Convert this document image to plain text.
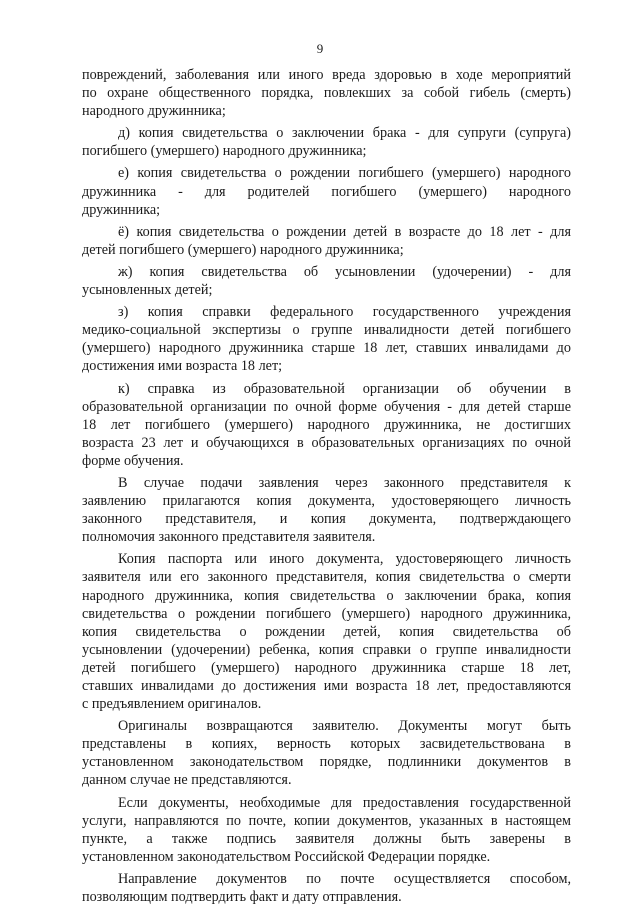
9
повреждений, заболевания или иного вреда здоровью в ходе мероприятий
по охране общественного порядка, повлекших за собой гибель (смерть)
народного дружинника;
д) копия свидетельства о заключении брака - для супруги (супруга)
погибшего (умершего) народного дружинника;
е) копия свидетельства о рождении погибшего (умершего) народного
дружинника - для родителей погибшего (умершего) народного
дружинника;
ё) копия свидетельства о рождении детей в возрасте до 18 лет - для
детей погибшего (умершего) народного дружинника;
ж) копия свидетельства об усыновлении (удочерении) - для
усыновленных детей;
з) копия справки федерального государственного учреждения
медико-социальной экспертизы о группе инвалидности детей погибшего
(умершего) народного дружинника старше 18 лет, ставших инвалидами до
достижения ими возраста 18 лет;
к) справка из образовательной организации об обучении в
образовательной организации по очной форме обучения - для детей старше
18 лет погибшего (умершего) народного дружинника, не достигших
возраста 23 лет и обучающихся в образовательных организациях по очной
форме обучения.
В случае подачи заявления через законного представителя к
заявлению прилагаются копия документа, удостоверяющего личность
законного представителя, и копия документа, подтверждающего
полномочия законного представителя заявителя.
Копия паспорта или иного документа, удостоверяющего личность
заявителя или его законного представителя, копия свидетельства о смерти
народного дружинника, копия свидетельства о заключении брака, копия
свидетельства о рождении погибшего (умершего) народного дружинника,
копия свидетельства о рождении детей, копия свидетельства об
усыновлении (удочерении) ребенка, копия справки о группе инвалидности
детей погибшего (умершего) народного дружинника старше 18 лет,
ставших инвалидами до достижения ими возраста 18 лет, предоставляются
с предъявлением оригиналов.
Оригиналы возвращаются заявителю. Документы могут быть
представлены в копиях, верность которых засвидетельствована в
установленном законодательством порядке, подлинники документов в
данном случае не представляются.
Если документы, необходимые для предоставления государственной
услуги, направляются по почте, копии документов, указанных в настоящем
пункте, а также подпись заявителя должны быть заверены в
установленном законодательством Российской Федерации порядке.
Направление документов по почте осуществляется способом,
позволяющим подтвердить факт и дату отправления.
